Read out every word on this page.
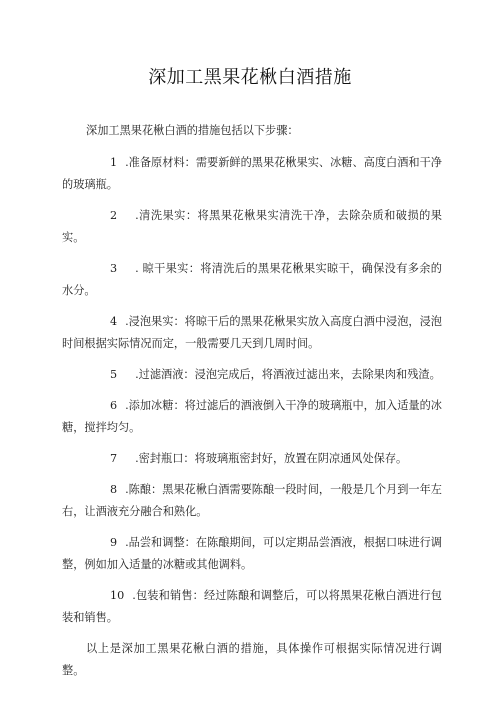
深加工黑果花楸白酒措施

深加工黑果花楸白酒的措施包括以下步骤：

1 .准备原材料：需要新鲜的黑果花楸果实、冰糖、高度白酒和干净的玻璃瓶。

2 .清洗果实：将黑果花楸果实清洗干净，去除杂质和破损的果实。

3 . 晾干果实：将清洗后的黑果花楸果实晾干，确保没有多余的水分。

4 .浸泡果实：将晾干后的黑果花楸果实放入高度白酒中浸泡，浸泡时间根据实际情况而定，一般需要几天到几周时间。

5 .过滤酒液：浸泡完成后，将酒液过滤出来，去除果肉和残渣。

6 .添加冰糖：将过滤后的酒液倒入干净的玻璃瓶中，加入适量的冰糖，搅拌均匀。

7 .密封瓶口：将玻璃瓶密封好，放置在阴凉通风处保存。

8 .陈酿：黑果花楸白酒需要陈酿一段时间，一般是几个月到一年左右，让酒液充分融合和熟化。

9 .品尝和调整：在陈酿期间，可以定期品尝酒液，根据口味进行调整，例如加入适量的冰糖或其他调料。

10 .包装和销售：经过陈酿和调整后，可以将黑果花楸白酒进行包装和销售。

以上是深加工黑果花楸白酒的措施，具体操作可根据实际情况进行调整。
